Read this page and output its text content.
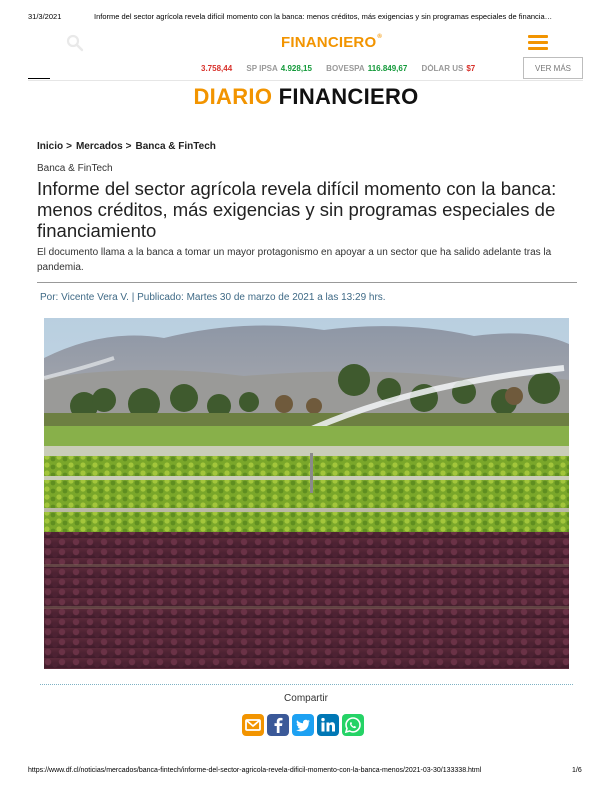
31/3/2021	Informe del sector agrícola revela difícil momento con la banca: menos créditos, más exigencias y sin programas especiales de financia…
FINANCIERO®
3.758,44 SP IPSA 4.928,15 BOVESPA 116.849,67 DÓLAR US $7	VER MÁS
DIARIO FINANCIERO
Inicio > Mercados > Banca & FinTech
Banca & FinTech
Informe del sector agrícola revela difícil momento con la banca: menos créditos, más exigencias y sin programas especiales de financiamiento
El documento llama a la banca a tomar un mayor protagonismo en apoyar a un sector que ha salido adelante tras la pandemia.
Por: Vicente Vera V. | Publicado: Martes 30 de marzo de 2021 a las 13:29 hrs.
Compartir
https://www.df.cl/noticias/mercados/banca-fintech/informe-del-sector-agricola-revela-dificil-momento-con-la-banca-menos/2021-03-30/133338.html	1/6
